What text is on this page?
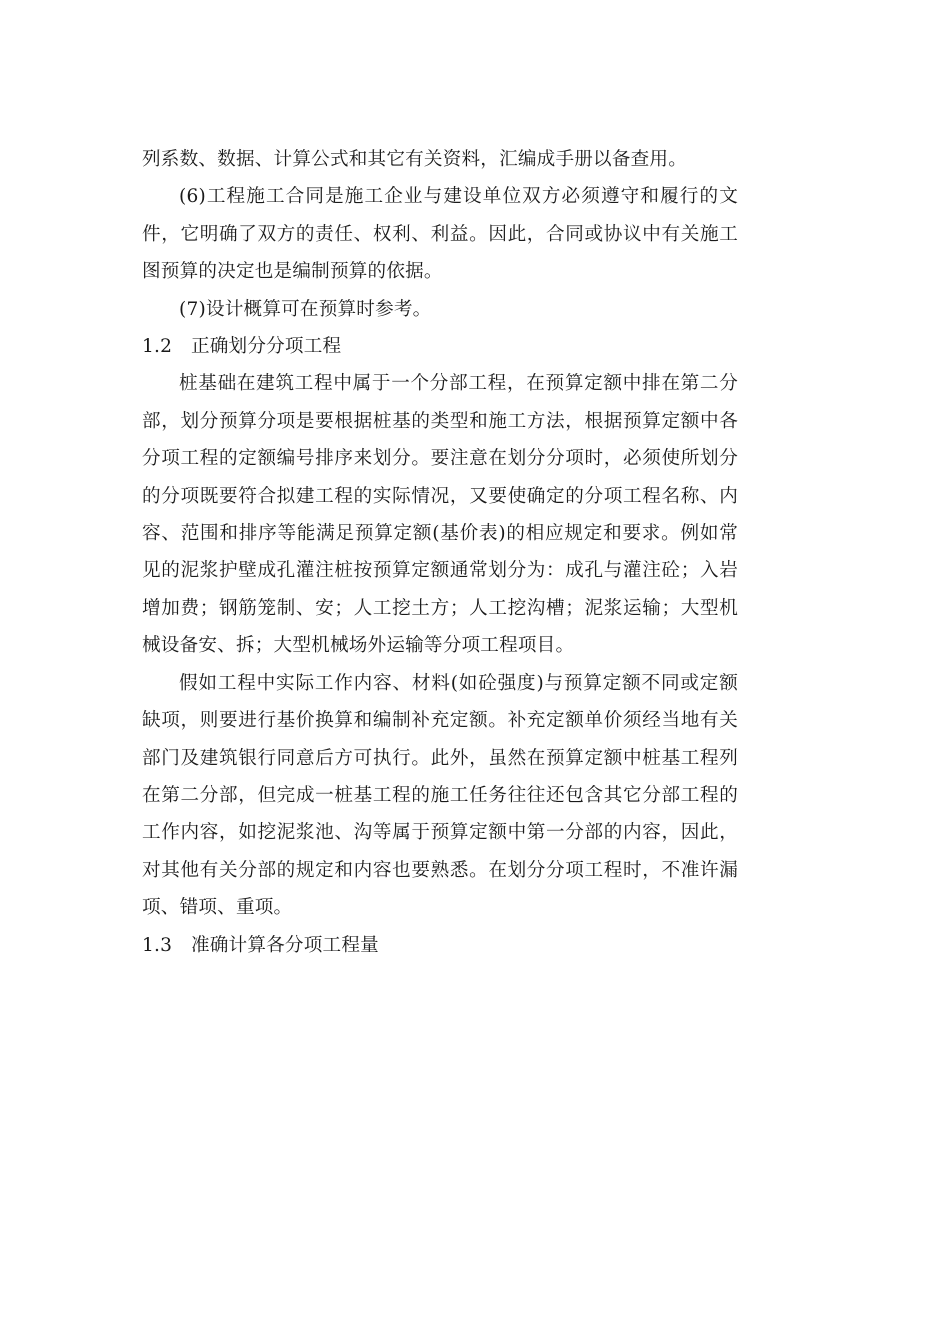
列系数、数据、计算公式和其它有关资料，汇编成手册以备查用。

(6)工程施工合同是施工企业与建设单位双方必须遵守和履行的文件，它明确了双方的责任、权利、利益。因此，合同或协议中有关施工图预算的决定也是编制预算的依据。

(7)设计概算可在预算时参考。

1.2　正确划分分项工程

桩基础在建筑工程中属于一个分部工程，在预算定额中排在第二分部，划分预算分项是要根据桩基的类型和施工方法，根据预算定额中各分项工程的定额编号排序来划分。要注意在划分分项时，必须使所划分的分项既要符合拟建工程的实际情况，又要使确定的分项工程名称、内容、范围和排序等能满足预算定额(基价表)的相应规定和要求。例如常见的泥浆护壁成孔灌注桩按预算定额通常划分为：成孔与灌注砼；入岩增加费；钢筋笼制、安；人工挖土方；人工挖沟槽；泥浆运输；大型机械设备安、拆；大型机械场外运输等分项工程项目。

假如工程中实际工作内容、材料(如砼强度)与预算定额不同或定额缺项，则要进行基价换算和编制补充定额。补充定额单价须经当地有关部门及建筑银行同意后方可执行。此外，虽然在预算定额中桩基工程列在第二分部，但完成一桩基工程的施工任务往往还包含其它分部工程的工作内容，如挖泥浆池、沟等属于预算定额中第一分部的内容，因此，对其他有关分部的规定和内容也要熟悉。在划分分项工程时，不准许漏项、错项、重项。

1.3　准确计算各分项工程量
